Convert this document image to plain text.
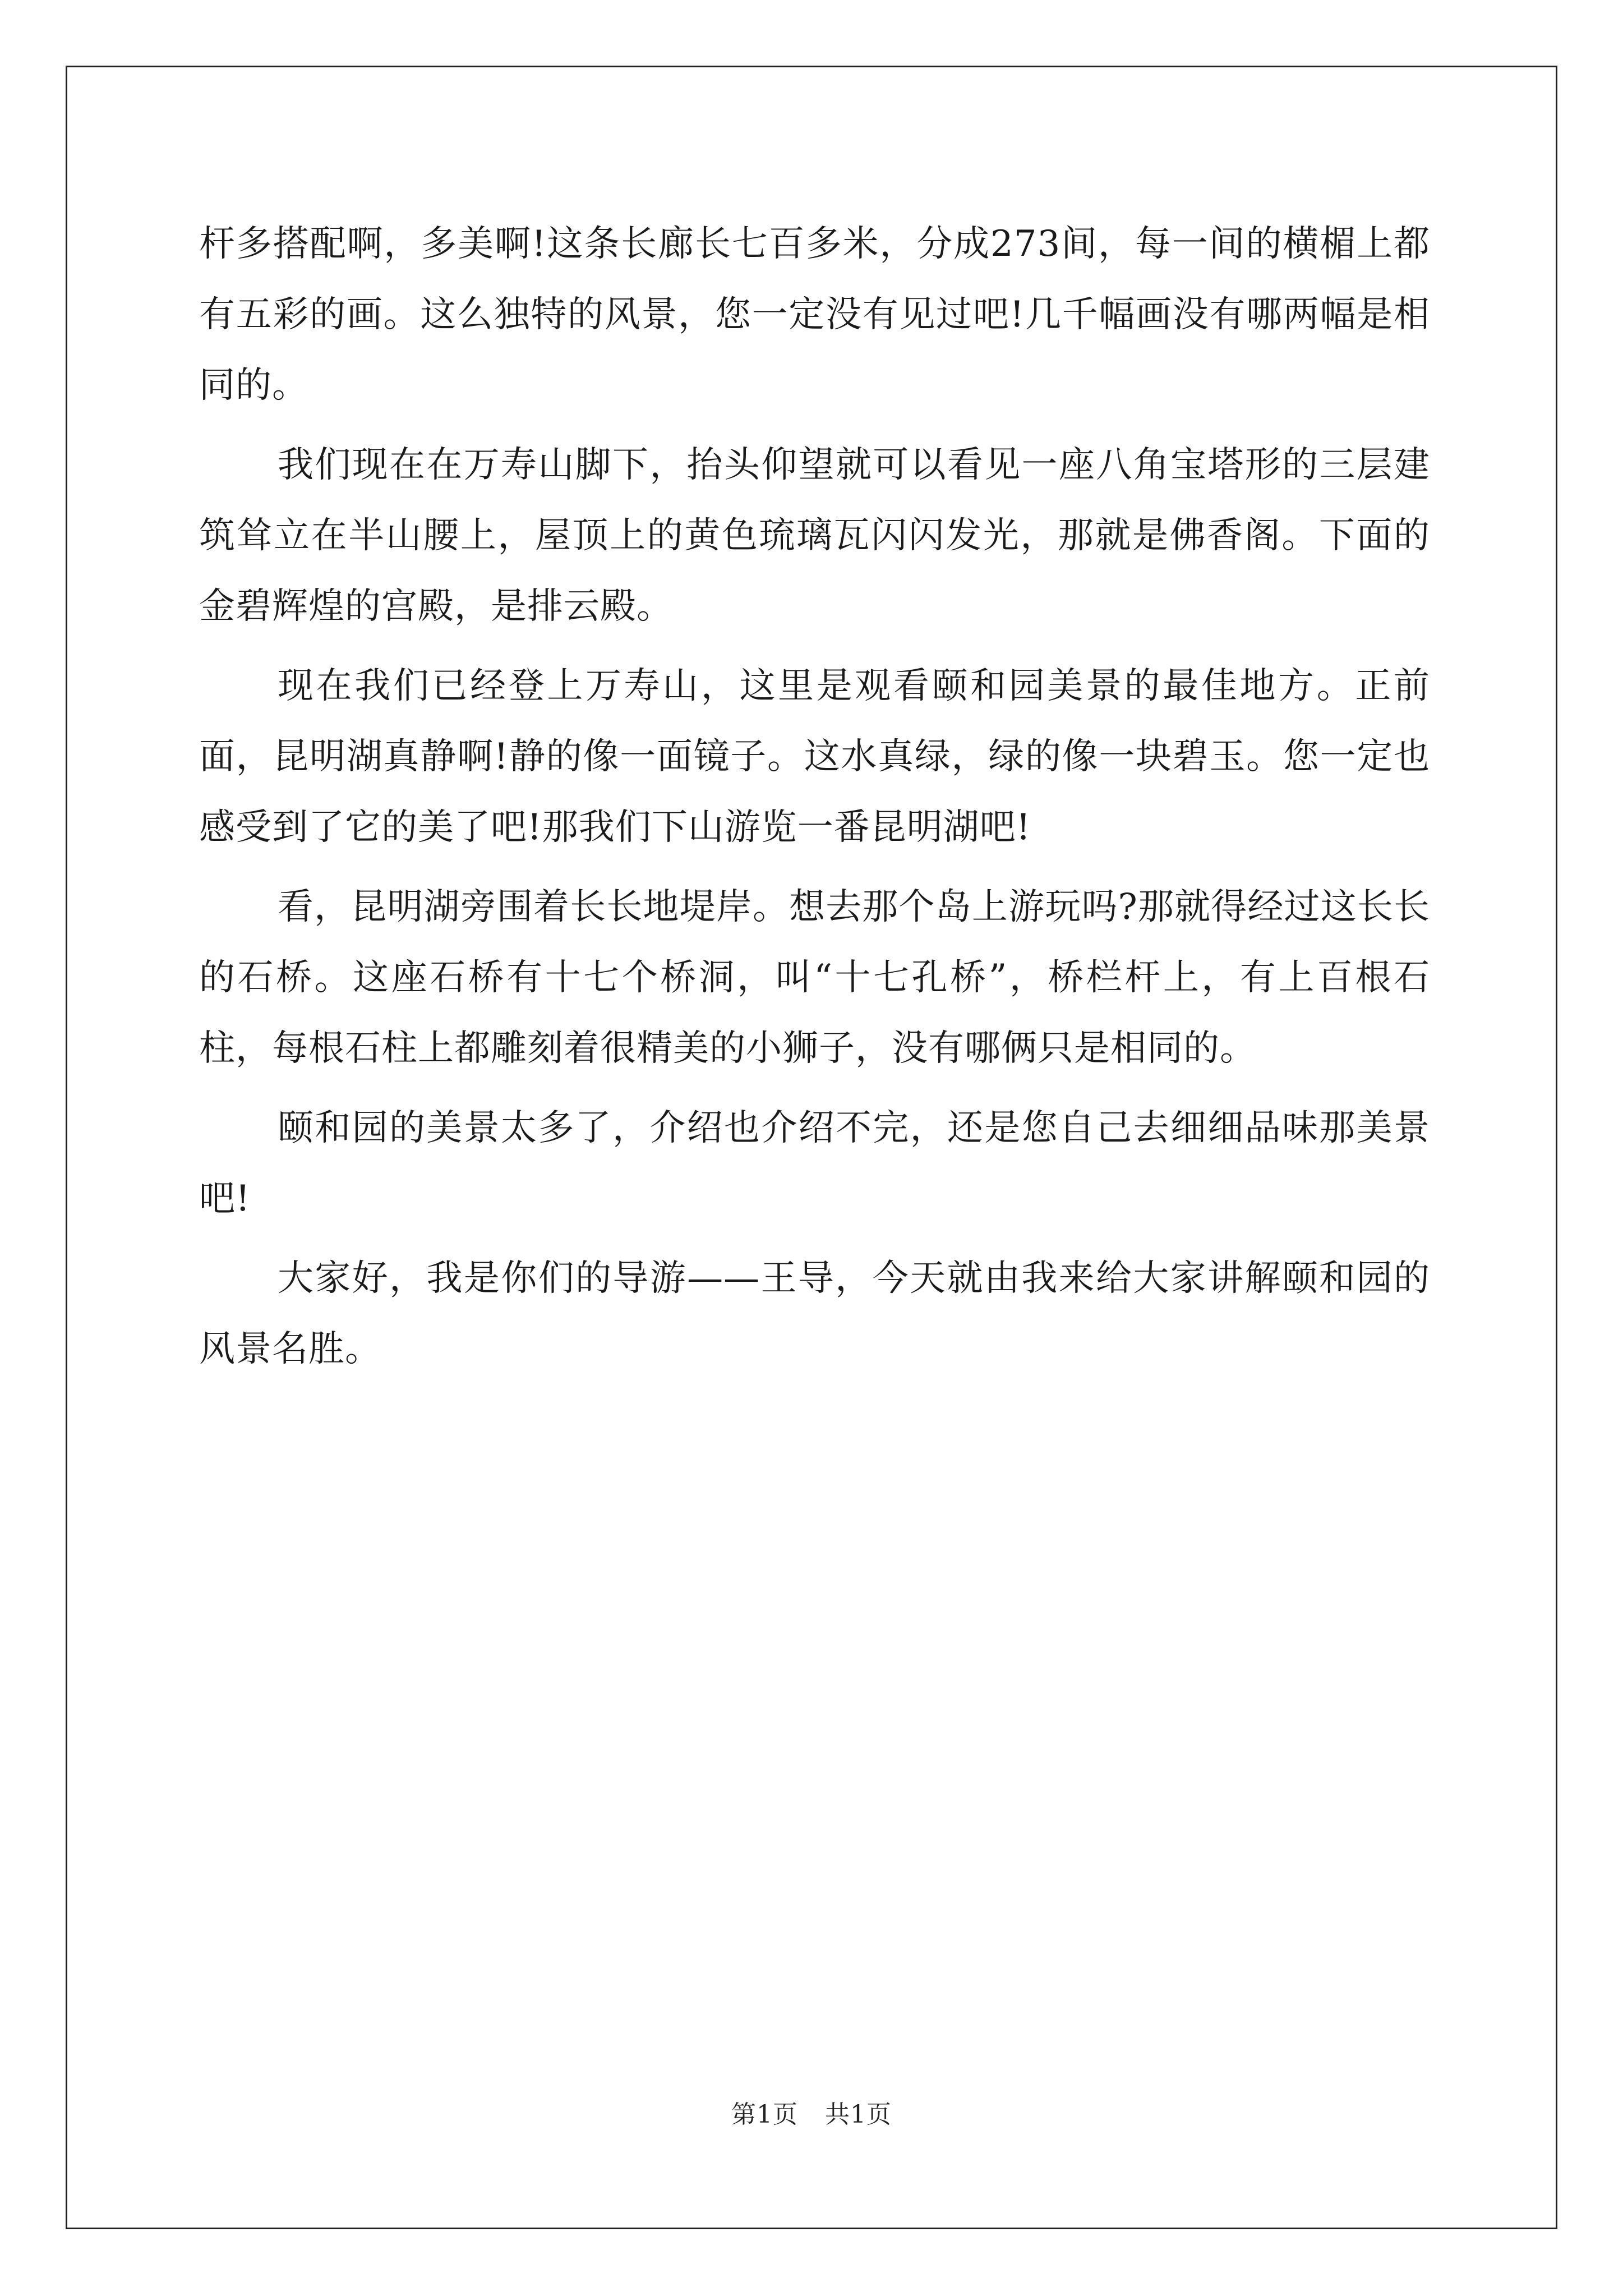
杆多搭配啊，多美啊!这条长廊长七百多米，分成273间，每一间的横楣上都有五彩的画。这么独特的风景，您一定没有见过吧!几千幅画没有哪两幅是相同的。

我们现在在万寿山脚下，抬头仰望就可以看见一座八角宝塔形的三层建筑耸立在半山腰上，屋顶上的黄色琉璃瓦闪闪发光，那就是佛香阁。下面的金碧辉煌的宫殿，是排云殿。

现在我们已经登上万寿山，这里是观看颐和园美景的最佳地方。正前面，昆明湖真静啊!静的像一面镜子。这水真绿，绿的像一块碧玉。您一定也感受到了它的美了吧!那我们下山游览一番昆明湖吧!

看，昆明湖旁围着长长地堤岸。想去那个岛上游玩吗?那就得经过这长长的石桥。这座石桥有十七个桥洞，叫“十七孔桥”，桥栏杆上，有上百根石柱，每根石柱上都雕刻着很精美的小狮子，没有哪俩只是相同的。

颐和园的美景太多了，介绍也介绍不完，还是您自己去细细品味那美景吧!

大家好，我是你们的导游——王导，今天就由我来给大家讲解颐和园的风景名胜。

第1页 共1页
